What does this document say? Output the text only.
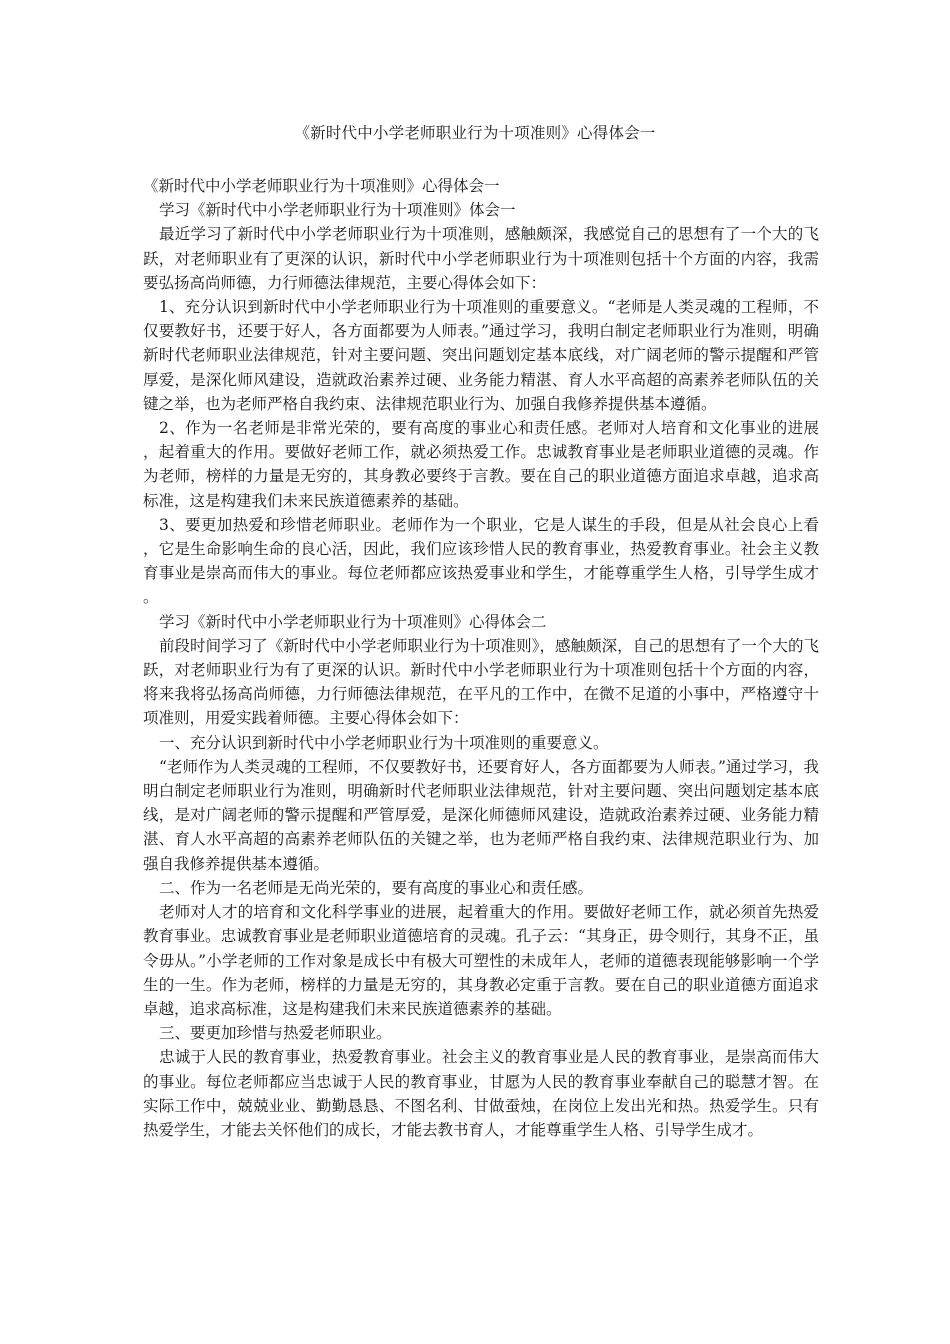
《新时代中小学老师职业行为十项准则》心得体会一

《新时代中小学老师职业行为十项准则》心得体会一

学习《新时代中小学老师职业行为十项准则》体会一

最近学习了新时代中小学老师职业行为十项准则，感触颇深，我感觉自己的思想有了一个大的飞跃，对老师职业有了更深的认识，新时代中小学老师职业行为十项准则包括十个方面的内容，我需要弘扬高尚师德，力行师德法律规范，主要心得体会如下：

1、充分认识到新时代中小学老师职业行为十项准则的重要意义。“老师是人类灵魂的工程师，不仅要教好书，还要于好人，各方面都要为人师表。”通过学习，我明白制定老师职业行为准则，明确新时代老师职业法律规范，针对主要问题、突出问题划定基本底线，对广阔老师的警示提醒和严管厚爱，是深化师风建设，造就政治素养过硬、业务能力精湛、育人水平高超的高素养老师队伍的关键之举，也为老师严格自我约束、法律规范职业行为、加强自我修养提供基本遵循。

2、作为一名老师是非常光荣的，要有高度的事业心和责任感。老师对人培育和文化事业的进展，起着重大的作用。要做好老师工作，就必须热爱工作。忠诚教育事业是老师职业道德的灵魂。作为老师，榜样的力量是无穷的，其身教必要终于言教。要在自己的职业道德方面追求卓越，追求高标准，这是构建我们未来民族道德素养的基础。

3、要更加热爱和珍惜老师职业。老师作为一个职业，它是人谋生的手段，但是从社会良心上看，它是生命影响生命的良心活，因此，我们应该珍惜人民的教育事业，热爱教育事业。社会主义教育事业是崇高而伟大的事业。每位老师都应该热爱事业和学生，才能尊重学生人格，引导学生成才。

学习《新时代中小学老师职业行为十项准则》心得体会二

前段时间学习了《新时代中小学老师职业行为十项准则》，感触颇深，自己的思想有了一个大的飞跃，对老师职业行为有了更深的认识。新时代中小学老师职业行为十项准则包括十个方面的内容，将来我将弘扬高尚师德，力行师德法律规范，在平凡的工作中，在微不足道的小事中，严格遵守十项准则，用爱实践着师德。主要心得体会如下：

一、充分认识到新时代中小学老师职业行为十项准则的重要意义。

“老师作为人类灵魂的工程师，不仅要教好书，还要育好人，各方面都要为人师表。”通过学习，我明白制定老师职业行为准则，明确新时代老师职业法律规范，针对主要问题、突出问题划定基本底线，是对广阔老师的警示提醒和严管厚爱，是深化师德师风建设，造就政治素养过硬、业务能力精湛、育人水平高超的高素养老师队伍的关键之举，也为老师严格自我约束、法律规范职业行为、加强自我修养提供基本遵循。

二、作为一名老师是无尚光荣的，要有高度的事业心和责任感。

老师对人才的培育和文化科学事业的进展，起着重大的作用。要做好老师工作，就必须首先热爱教育事业。忠诚教育事业是老师职业道德培育的灵魂。孔子云：“其身正，毋令则行，其身不正，虽令毋从。”小学老师的工作对象是成长中有极大可塑性的未成年人，老师的道德表现能够影响一个学生的一生。作为老师，榜样的力量是无穷的，其身教必定重于言教。要在自己的职业道德方面追求卓越，追求高标准，这是构建我们未来民族道德素养的基础。

三、要更加珍惜与热爱老师职业。

忠诚于人民的教育事业，热爱教育事业。社会主义的教育事业是人民的教育事业，是崇高而伟大的事业。每位老师都应当忠诚于人民的教育事业，甘愿为人民的教育事业奉献自己的聪慧才智。在实际工作中，兢兢业业、勤勤恳恳、不图名利、甘做蚕烛，在岗位上发出光和热。热爱学生。只有热爱学生，才能去关怀他们的成长，才能去教书育人，才能尊重学生人格、引导学生成才。
